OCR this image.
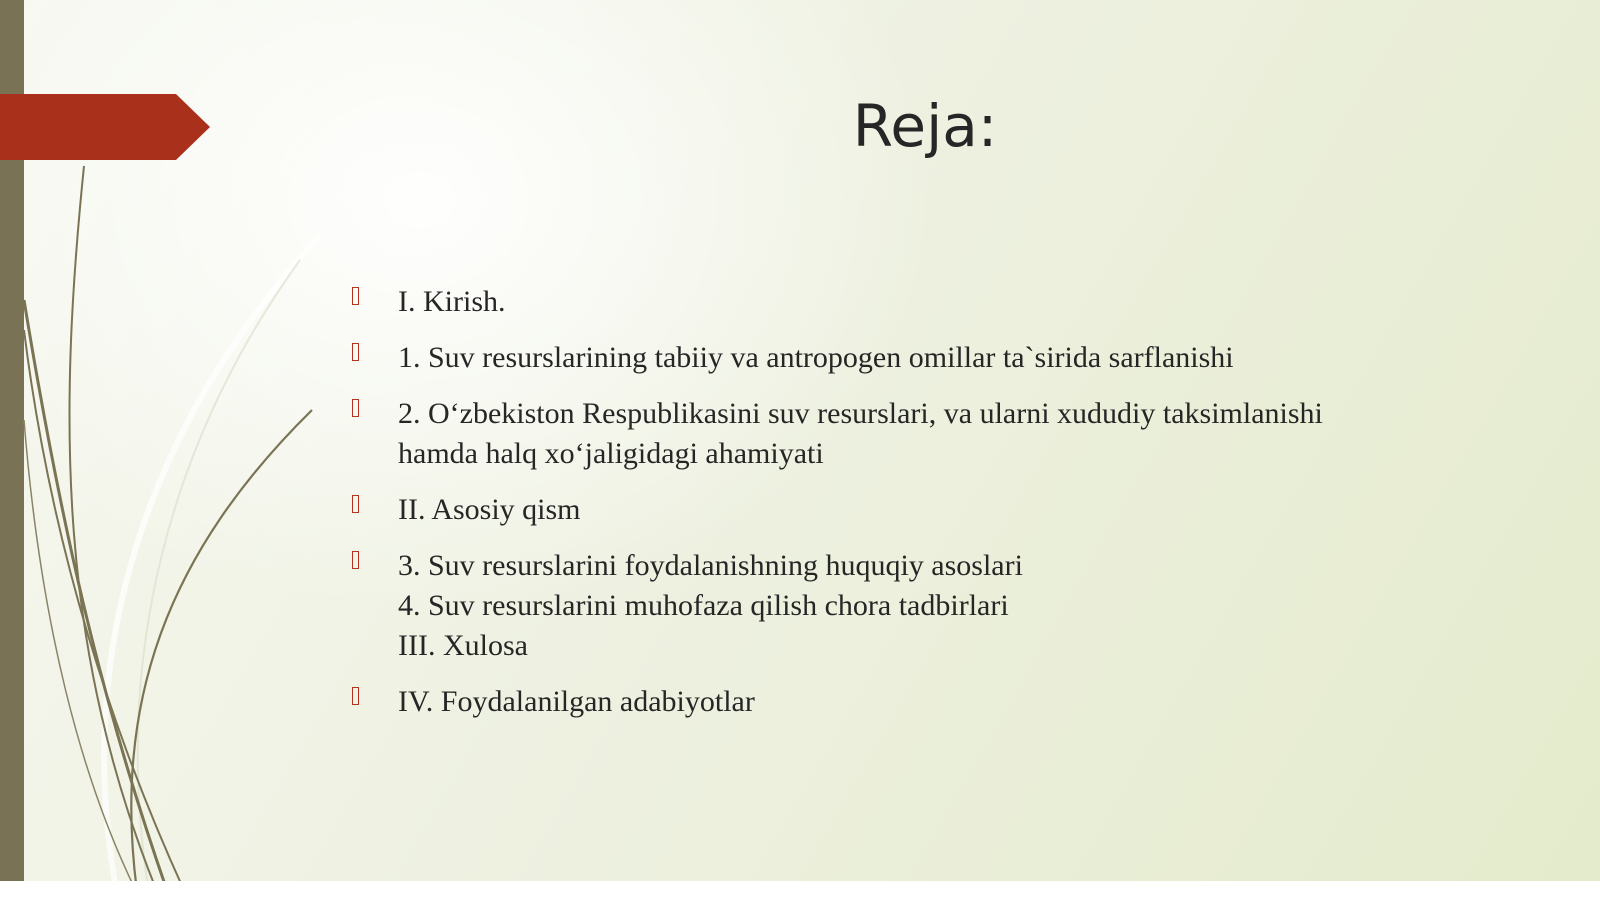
Reja:
I. Kirish.
1. Suv resurslarining tabiiy va antropogen omillar ta`sirida sarflanishi
2. O‘zbekiston Respublikasini suv resurslari, va ularni xududiy taksimlanishi
hamda halq xo‘jaligidagi ahamiyati
II. Asosiy qism
3. Suv resurslarini foydalanishning huquqiy asoslari
4. Suv resurslarini muhofaza qilish chora tadbirlari
III. Xulosa
IV. Foydalanilgan adabiyotlar
